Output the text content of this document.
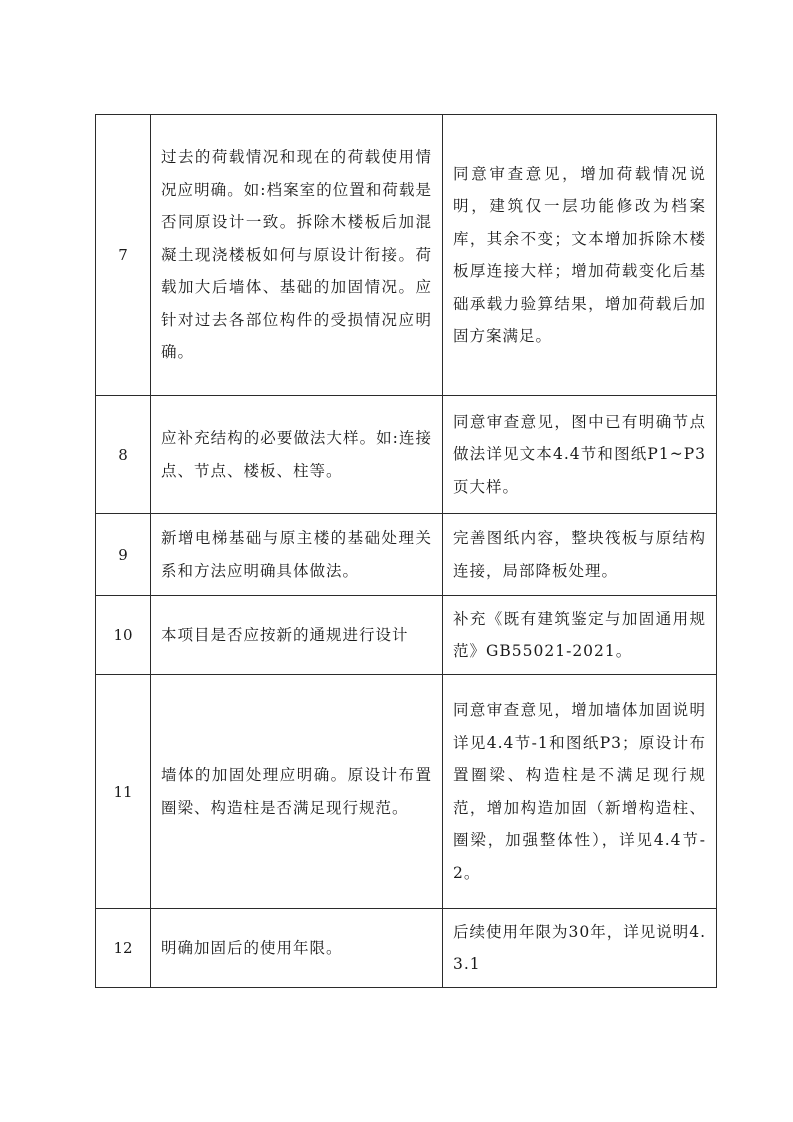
7	过去的荷载情况和现在的荷载使用情况应明确。如:档案室的位置和荷载是否同原设计一致。拆除木楼板后加混凝土现浇楼板如何与原设计衔接。荷载加大后墙体、基础的加固情况。应针对过去各部位构件的受损情况应明确。	同意审查意见，增加荷载情况说明，建筑仅一层功能修改为档案库，其余不变；文本增加拆除木楼板厚连接大样；增加荷载变化后基础承载力验算结果，增加荷载后加固方案满足。
8	应补充结构的必要做法大样。如:连接点、节点、楼板、柱等。	同意审查意见，图中已有明确节点做法详见文本4.4节和图纸P1~P3页大样。
9	新增电梯基础与原主楼的基础处理关系和方法应明确具体做法。	完善图纸内容，整块筏板与原结构连接，局部降板处理。
10	本项目是否应按新的通规进行设计	补充《既有建筑鉴定与加固通用规范》GB55021-2021。
11	墙体的加固处理应明确。原设计布置圈梁、构造柱是否满足现行规范。	同意审查意见，增加墙体加固说明详见4.4节-1和图纸P3；原设计布置圈梁、构造柱是不满足现行规范，增加构造加固（新增构造柱、圈梁，加强整体性），详见4.4节-2。
12	明确加固后的使用年限。	后续使用年限为30年，详见说明4.3.1
